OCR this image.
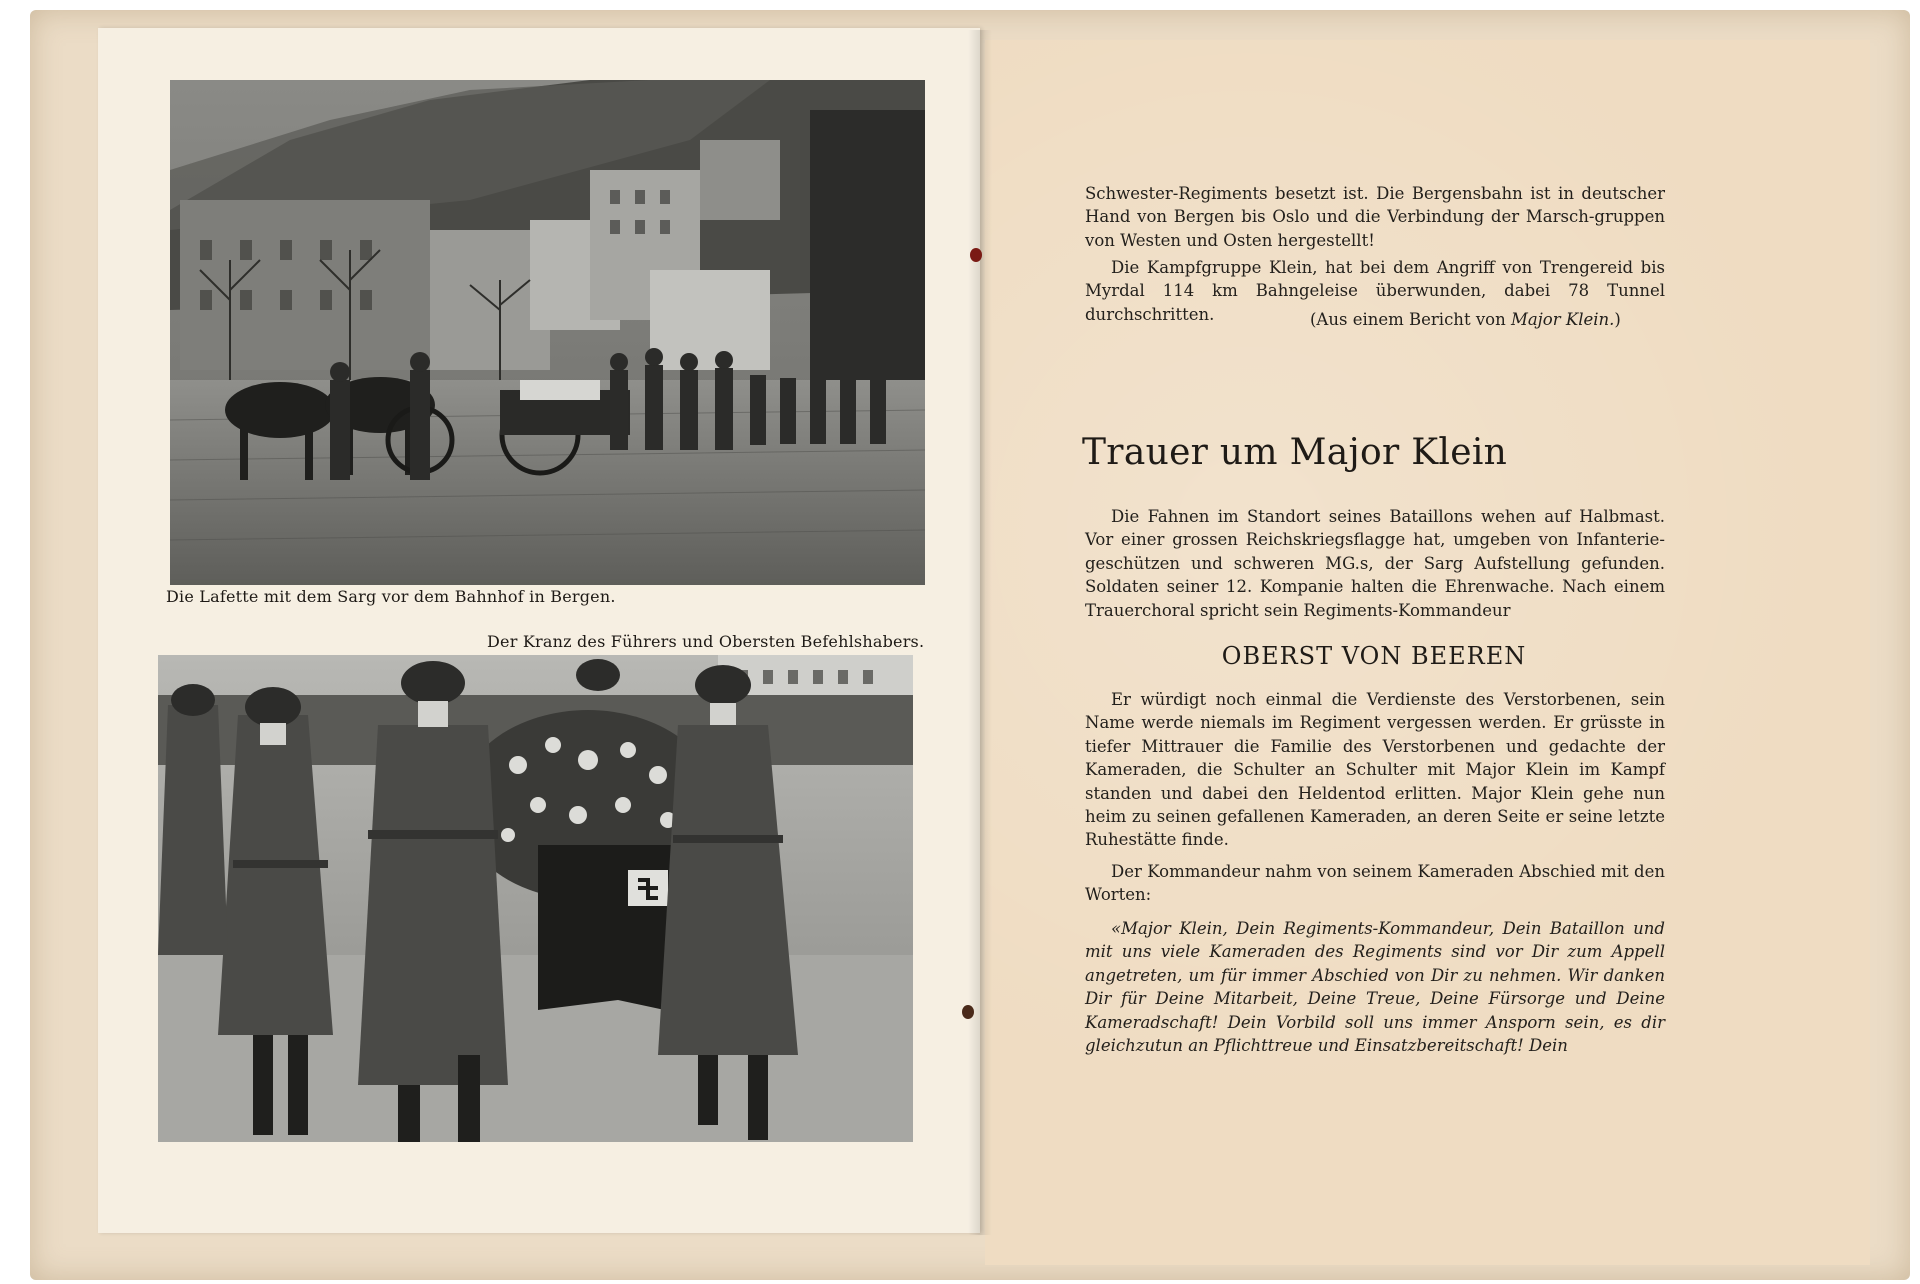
Die Lafette mit dem Sarg vor dem Bahnhof in Bergen.
Der Kranz des Führers und Obersten Befehlshabers.
Schwester-Regiments besetzt ist. Die Bergensbahn ist in deutscher Hand von Bergen bis Oslo und die Verbindung der Marsch-gruppen von Westen und Osten hergestellt!
Die Kampfgruppe Klein, hat bei dem Angriff von Trengereid bis Myrdal 114 km Bahngeleise überwunden, dabei 78 Tunnel durchschritten.	(Aus einem Bericht von Major Klein.)
Trauer um Major Klein
Die Fahnen im Standort seines Bataillons wehen auf Halbmast. Vor einer grossen Reichskriegsflagge hat, umgeben von Infanterie-geschützen und schweren MG.s, der Sarg Aufstellung gefunden. Soldaten seiner 12. Kompanie halten die Ehrenwache. Nach einem Trauerchoral spricht sein Regiments-Kommandeur
OBERST VON BEEREN
Er würdigt noch einmal die Verdienste des Verstorbenen, sein Name werde niemals im Regiment vergessen werden. Er grüsste in tiefer Mittrauer die Familie des Verstorbenen und gedachte der Kameraden, die Schulter an Schulter mit Major Klein im Kampf standen und dabei den Heldentod erlitten. Major Klein gehe nun heim zu seinen gefallenen Kameraden, an deren Seite er seine letzte Ruhestätte finde.
Der Kommandeur nahm von seinem Kameraden Abschied mit den Worten:
«Major Klein, Dein Regiments-Kommandeur, Dein Bataillon und mit uns viele Kameraden des Regiments sind vor Dir zum Appell angetreten, um für immer Abschied von Dir zu nehmen. Wir danken Dir für Deine Mitarbeit, Deine Treue, Deine Fürsorge und Deine Kameradschaft! Dein Vorbild soll uns immer Ansporn sein, es dir gleichzutun an Pflichttreue und Einsatzbereitschaft! Dein
